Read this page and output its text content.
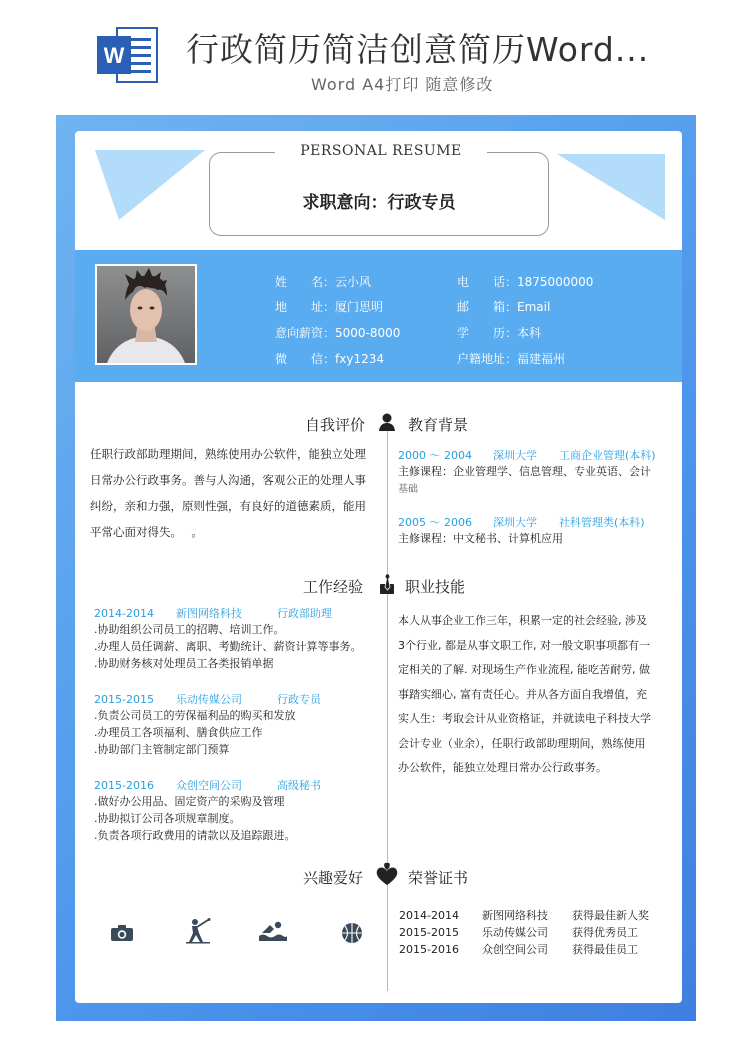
W 行政简历简洁创意简历Word...
Word A4打印 随意修改
PERSONAL RESUME
求职意向：行政专员
姓　　名：云小风
地　　址：厦门思明
意向薪资：5000-8000
微　　信：fxy1234
电　　话：1875000000
邮　　箱：Email
学　　历：本科
户籍地址：福建福州
自我评价	教育背景
任职行政部助理期间，熟练使用办公软件，能独立处理
日常办公行政事务。善与人沟通，客观公正的处理人事
纠纷，亲和力强，原则性强，有良好的道德素质，能用
平常心面对得失。　 。
2000 ～ 2004 深圳大学 工商企业管理(本科)
主修课程：企业管理学、信息管理、专业英语、会计
基础
2005 ～ 2006 深圳大学 社科管理类(本科)
主修课程：中文秘书、计算机应用
工作经验	职业技能
2014-2014 新图网络科技	行政部助理
.协助组织公司员工的招聘、培训工作。
.办理人员任调薪、离职、考勤统计、薪资计算等事务。
.协助财务核对处理员工各类报销单据
2015-2015 乐动传媒公司	行政专员
.负责公司员工的劳保福利品的购买和发放
.办理员工各项福利、膳食供应工作
.协助部门主管制定部门预算
2015-2016 众创空间公司	高级秘书
.做好办公用品、固定资产的采购及管理
.协助拟订公司各项规章制度。
.负责各项行政费用的请款以及追踪跟进。
本人从事企业工作三年，积累一定的社会经验, 涉及
3个行业, 都是从事文职工作, 对一般文职事项都有一
定相关的了解. 对现场生产作业流程, 能吃苦耐劳, 做
事踏实细心, 富有责任心。并从各方面自我增值，充
实人生：考取会计从业资格证，并就读电子科技大学
会计专业（业余），任职行政部助理期间，熟练使用
办公软件，能独立处理日常办公行政事务。
兴趣爱好	荣誉证书
2014-2014 新图网络科技 获得最佳新人奖
2015-2015 乐动传媒公司 获得优秀员工
2015-2016 众创空间公司 获得最佳员工
